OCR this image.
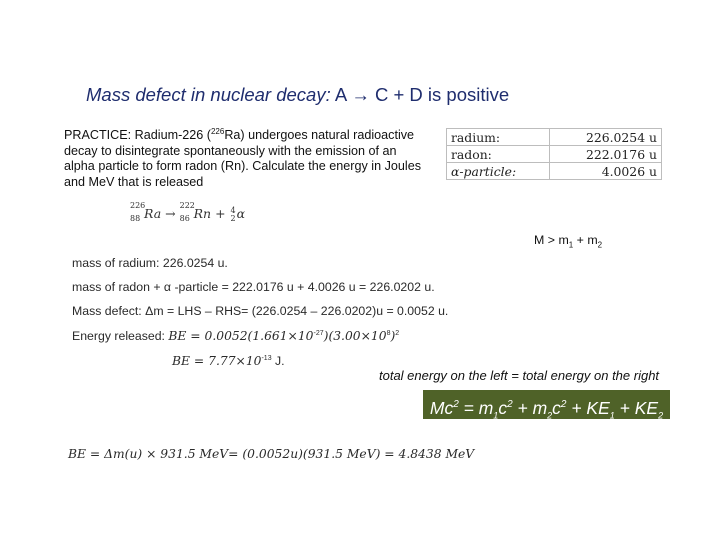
Mass defect in nuclear decay: A → C + D is positive
PRACTICE: Radium-226 ($^{226}$Ra) undergoes natural radioactive decay to disintegrate spontaneously with the emission of an alpha particle to form radon (Rn). Calculate the energy in Joules and MeV that is released
226
88 Ra →
222
86 Rn + 4
2 α
radium:	226.0254 u
radon:	222.0176 u
α-particle:	4.0026 u
$M > m_1 + m_2$
mass of radium: 226.0254 u.
mass of radon + α -particle = 222.0176 u + 4.0026 u = 226.0202 u.
Mass defect: Δm = LHS – RHS= (226.0254 – 226.0202)u = 0.0052 u.
Energy released: BE = $0.0052(1.661\times 10^{-27})(3.00\times 10^8)^2$
BE = $7.77\times 10^{-13}$ J.
BE = Δm(u) × 931.5 MeV= (0.0052u)(931.5 MeV) = 4.8438 MeV
total energy on the left = total energy on the right
$Mc^2 = m_1c^2 + m_2c^2 + KE_1 + KE_2$
